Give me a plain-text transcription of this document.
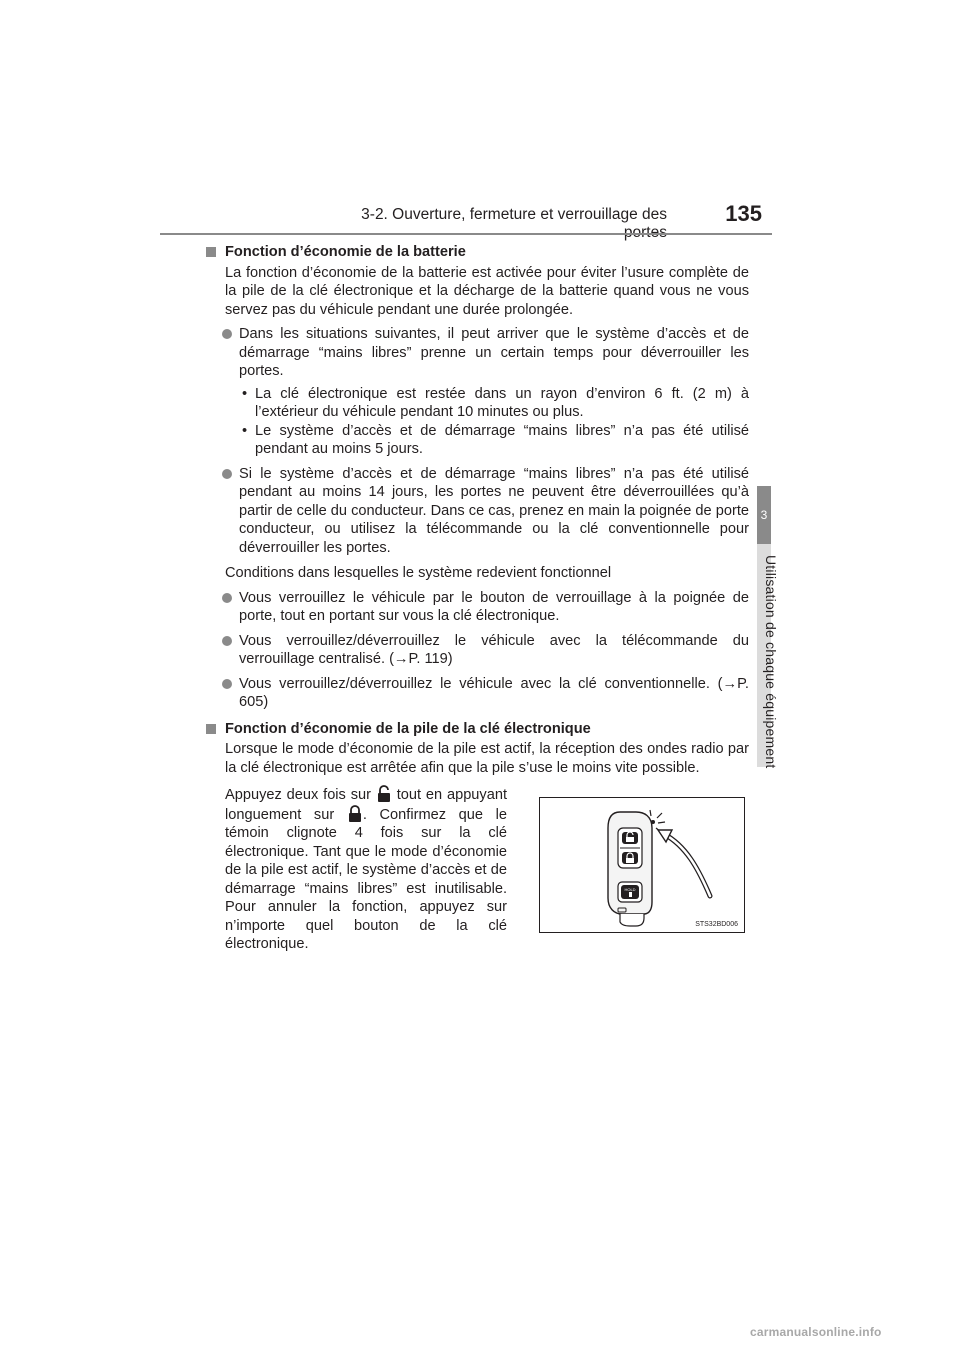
3-2. Ouverture, fermeture et verrouillage des	135
3
Utilisation de chaque équipement
Fonction d’économie de la batterie
La fonction d’économie de la batterie est activée pour éviter l’usure complète de la pile de la clé électronique et la décharge de la batterie quand vous ne vous servez pas du véhicule pendant une durée prolongée.
Dans les situations suivantes, il peut arriver que le système d’accès et de démarrage “mains libres” prenne un certain temps pour déverrouiller les portes.
• La clé électronique est restée dans un rayon d’environ 6 ft. (2 m) à l’extérieur du véhicule pendant 10 minutes ou plus.
• Le système d’accès et de démarrage “mains libres” n’a pas été utilisé pendant au moins 5 jours.
Si le système d’accès et de démarrage “mains libres” n’a pas été utilisé pendant au moins 14 jours, les portes ne peuvent être déverrouillées qu’à partir de celle du conducteur. Dans ce cas, prenez en main la poignée de porte conducteur, ou utilisez la télécommande ou la clé conventionnelle pour déverrouiller les portes.
Conditions dans lesquelles le système redevient fonctionnel
Vous verrouillez le véhicule par le bouton de verrouillage à la poignée de porte, tout en portant sur vous la clé électronique.
Vous verrouillez/déverrouillez le véhicule avec la télécommande du verrouillage centralisé. (→P. 119)
Vous verrouillez/déverrouillez le véhicule avec la clé conventionnelle. (→P. 605)
Fonction d’économie de la pile de la clé électronique
Lorsque le mode d’économie de la pile est actif, la réception des ondes radio par la clé électronique est arrêtée afin que la pile s’use le moins vite possible.
Appuyez deux fois sur tout en appuyant longuement sur . Confirmez que le témoin clignote 4 fois sur la clé électronique. Tant que le mode d’économie de la pile est actif, le système d’accès et de démarrage “mains libres” est inutilisable. Pour annuler la fonction, appuyez sur n’importe quel bouton de la clé électronique.
HOLD
STS32BD006
carmanualsonline.info
